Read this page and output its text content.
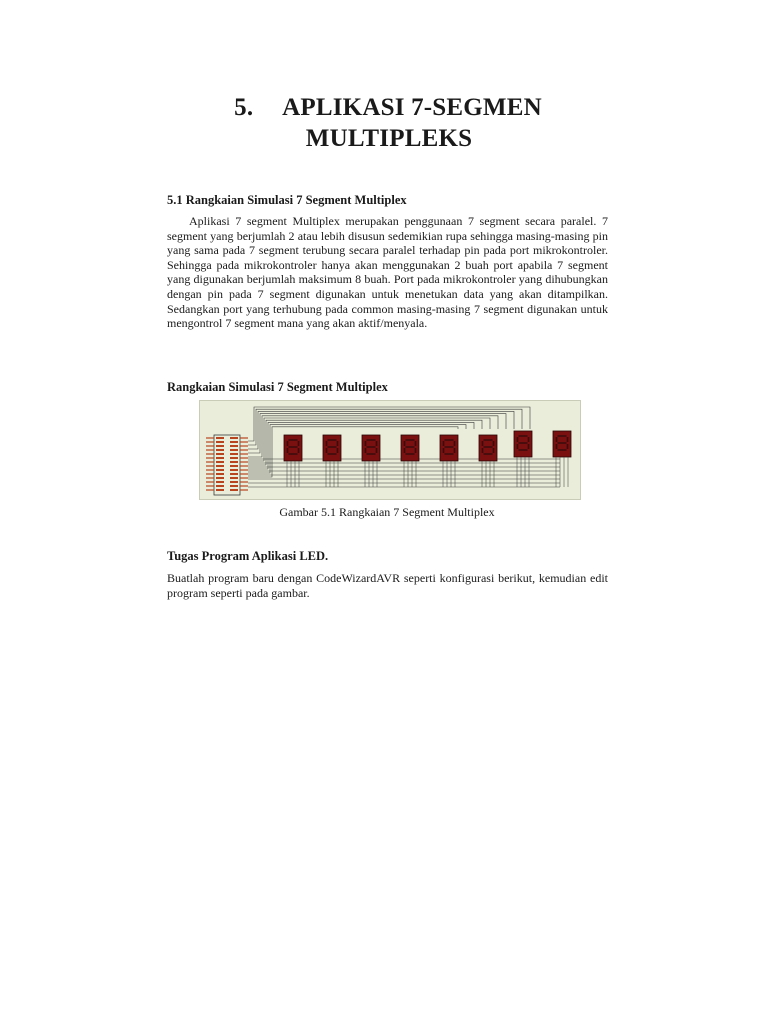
5. APLIKASI 7-SEGMEN
MULTIPLEKS
5.1 Rangkaian Simulasi 7 Segment Multiplex
Aplikasi 7 segment Multiplex merupakan penggunaan 7 segment secara paralel. 7 segment yang berjumlah 2 atau lebih disusun sedemikian rupa sehingga masing-masing pin yang sama pada 7 segment terubung secara paralel terhadap pin pada port mikrokontroler. Sehingga pada mikrokontroler hanya akan menggunakan 2 buah port apabila 7 segment yang digunakan berjumlah maksimum 8 buah. Port pada mikrokontroler yang dihubungkan dengan pin pada 7 segment digunakan untuk menetukan data yang akan ditampilkan. Sedangkan port yang terhubung pada common masing-masing 7 segment digunakan untuk mengontrol 7 segment mana yang akan aktif/menyala.
Rangkaian Simulasi 7 Segment Multiplex
Gambar 5.1 Rangkaian 7 Segment Multiplex
Tugas Program Aplikasi LED.
Buatlah program baru dengan CodeWizardAVR seperti konfigurasi berikut, kemudian edit program seperti pada gambar.
